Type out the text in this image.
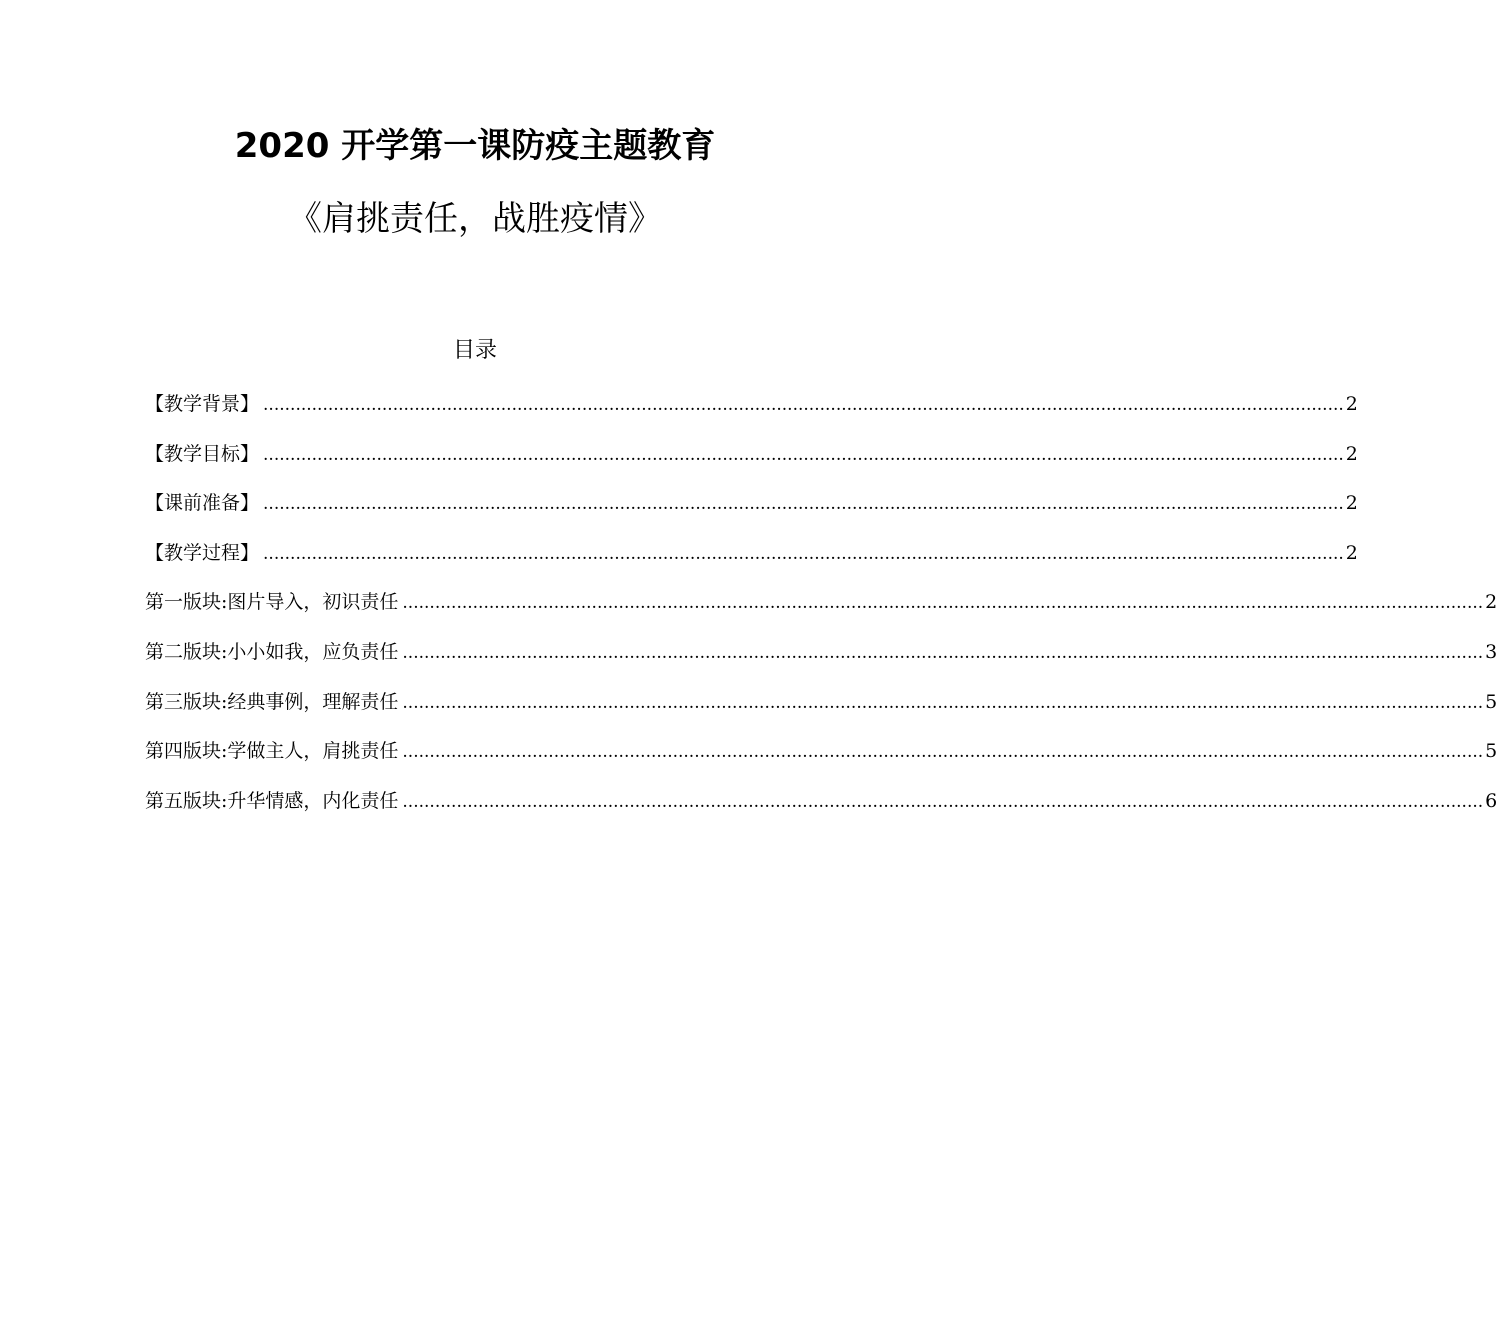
2020 开学第一课防疫主题教育
《肩挑责任，战胜疫情》
目录
【教学背景】 ........................................................................................................................................................................................................ 2
【教学目标】 ........................................................................................................................................................................................................ 2
【课前准备】 ........................................................................................................................................................................................................ 2
【教学过程】 ........................................................................................................................................................................................................ 2
第一版块:图片导入，初识责任 ........................................................................................................................................................................................................ 2
第二版块:小小如我，应负责任 ........................................................................................................................................................................................................ 3
第三版块:经典事例，理解责任 ........................................................................................................................................................................................................ 5
第四版块:学做主人，肩挑责任 ........................................................................................................................................................................................................ 5
第五版块:升华情感，内化责任 ........................................................................................................................................................................................................ 6
